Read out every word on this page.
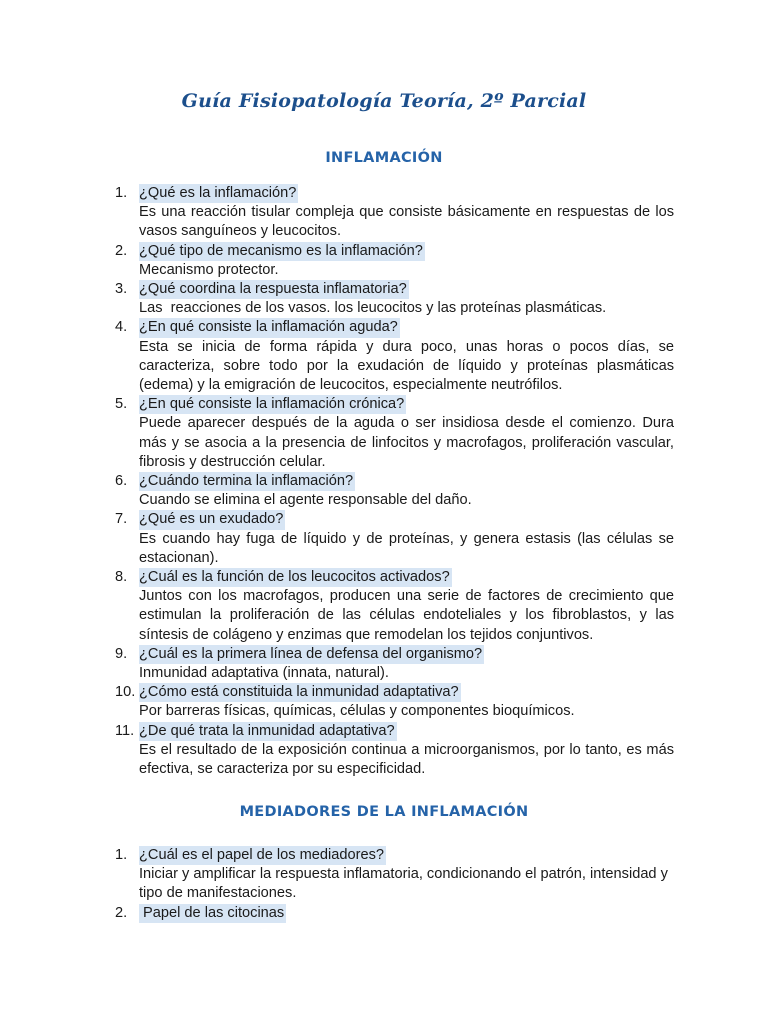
Guía Fisiopatología Teoría, 2º Parcial
INFLAMACIÓN
1. ¿Qué es la inflamación?
Es una reacción tisular compleja que consiste básicamente en respuestas de los vasos sanguíneos y leucocitos.
2. ¿Qué tipo de mecanismo es la inflamación?
Mecanismo protector.
3. ¿Qué coordina la respuesta inflamatoria?
Las  reacciones de los vasos. los leucocitos y las proteínas plasmáticas.
4. ¿En qué consiste la inflamación aguda?
Esta se inicia de forma rápida y dura poco, unas horas o pocos días, se caracteriza, sobre todo por la exudación de líquido y proteínas plasmáticas (edema) y la emigración de leucocitos, especialmente neutrófilos.
5. ¿En qué consiste la inflamación crónica?
Puede aparecer después de la aguda o ser insidiosa desde el comienzo. Dura más y se asocia a la presencia de linfocitos y macrofagos, proliferación vascular, fibrosis y destrucción celular.
6. ¿Cuándo termina la inflamación?
Cuando se elimina el agente responsable del daño.
7. ¿Qué es un exudado?
Es cuando hay fuga de líquido y de proteínas, y genera estasis (las células se estacionan).
8. ¿Cuál es la función de los leucocitos activados?
Juntos con los macrofagos, producen una serie de factores de crecimiento que estimulan la proliferación de las células endoteliales y los fibroblastos, y las síntesis de colágeno y enzimas que remodelan los tejidos conjuntivos.
9. ¿Cuál es la primera línea de defensa del organismo?
Inmunidad adaptativa (innata, natural).
10. ¿Cómo está constituida la inmunidad adaptativa?
Por barreras físicas, químicas, células y componentes bioquímicos.
11. ¿De qué trata la inmunidad adaptativa?
Es el resultado de la exposición continua a microorganismos, por lo tanto, es más efectiva, se caracteriza por su especificidad.
MEDIADORES DE LA INFLAMACIÓN
1. ¿Cuál es el papel de los mediadores?
Iniciar y amplificar la respuesta inflamatoria, condicionando el patrón, intensidad y tipo de manifestaciones.
2. Papel de las citocinas
